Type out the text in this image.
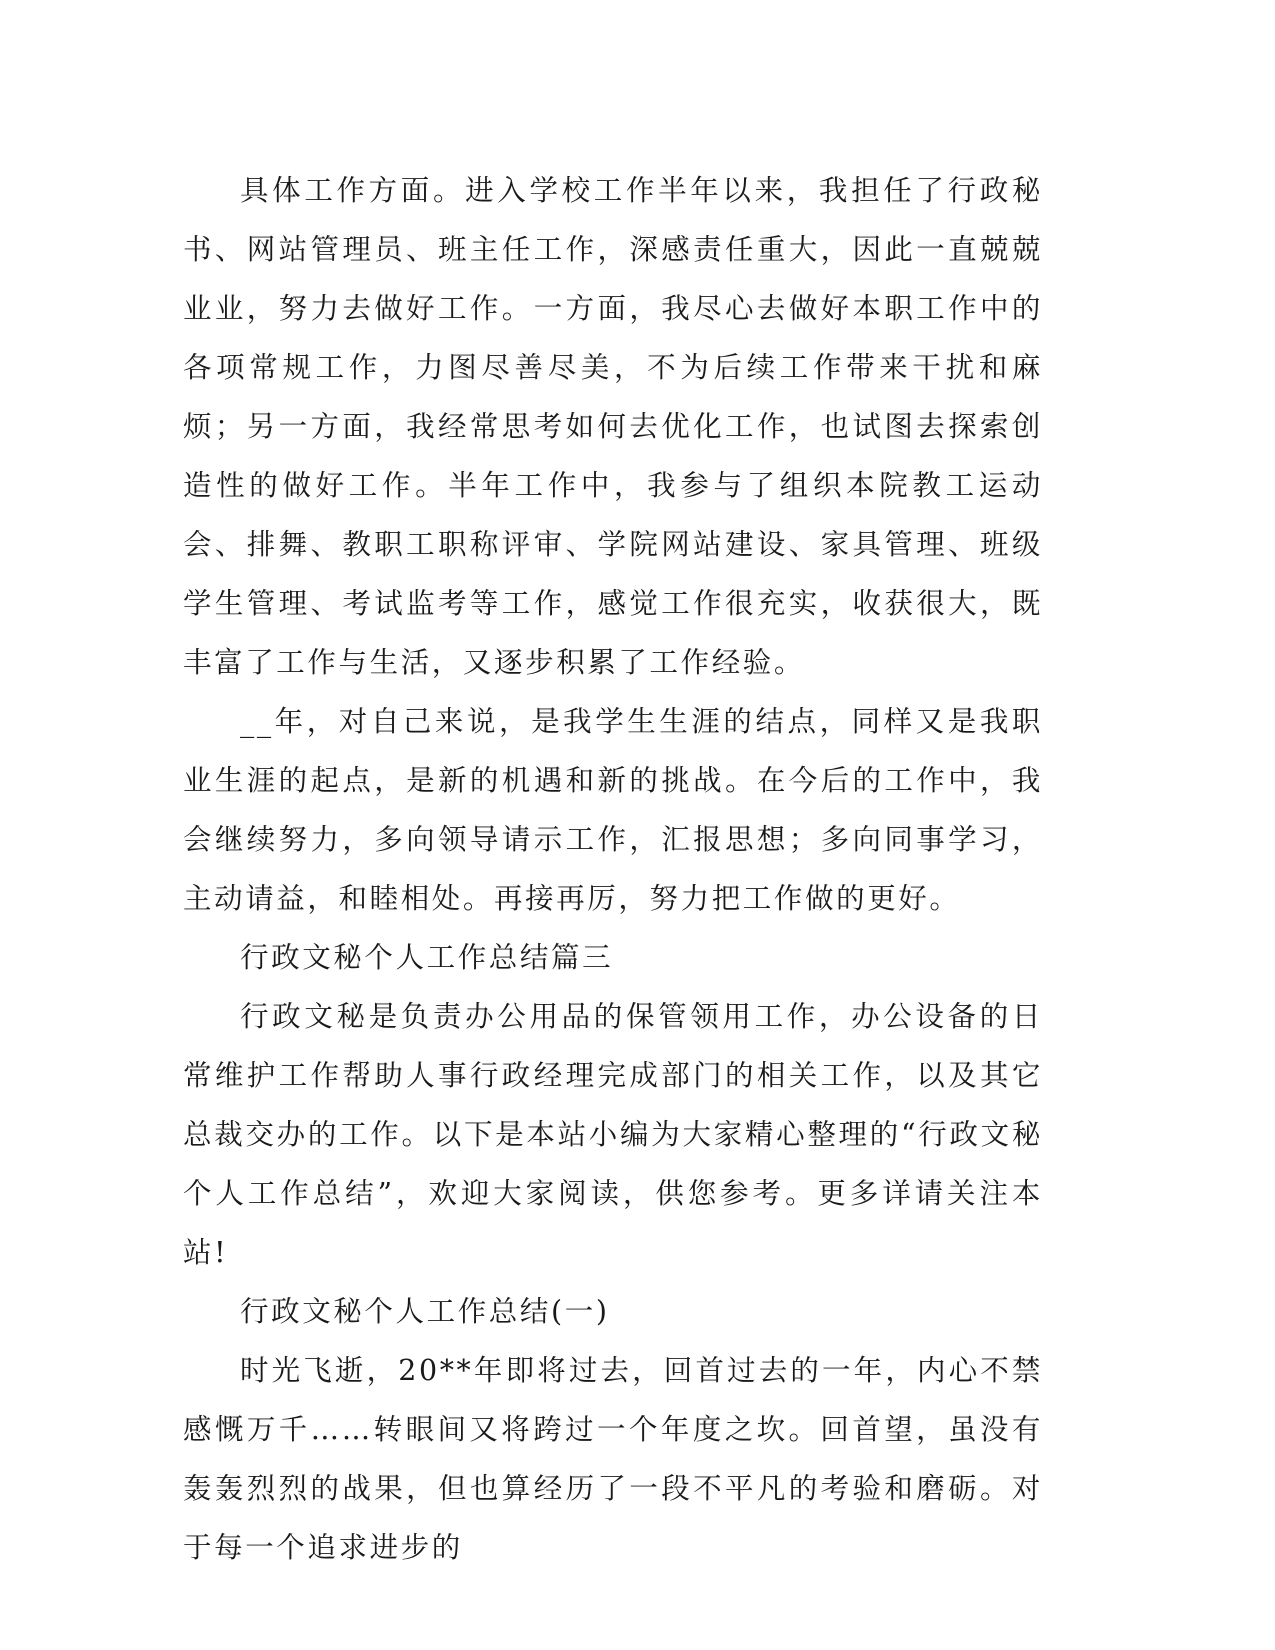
具体工作方面。进入学校工作半年以来，我担任了行政秘书、网站管理员、班主任工作，深感责任重大，因此一直兢兢业业，努力去做好工作。一方面，我尽心去做好本职工作中的各项常规工作，力图尽善尽美，不为后续工作带来干扰和麻烦；另一方面，我经常思考如何去优化工作，也试图去探索创造性的做好工作。半年工作中，我参与了组织本院教工运动会、排舞、教职工职称评审、学院网站建设、家具管理、班级学生管理、考试监考等工作，感觉工作很充实，收获很大，既丰富了工作与生活，又逐步积累了工作经验。

__年，对自己来说，是我学生生涯的结点，同样又是我职业生涯的起点，是新的机遇和新的挑战。在今后的工作中，我会继续努力，多向领导请示工作，汇报思想；多向同事学习，主动请益，和睦相处。再接再厉，努力把工作做的更好。

行政文秘个人工作总结篇三

行政文秘是负责办公用品的保管领用工作，办公设备的日常维护工作帮助人事行政经理完成部门的相关工作，以及其它总裁交办的工作。以下是本站小编为大家精心整理的“行政文秘个人工作总结”，欢迎大家阅读，供您参考。更多详请关注本站!

行政文秘个人工作总结(一)

时光飞逝，20**年即将过去，回首过去的一年，内心不禁感慨万千……转眼间又将跨过一个年度之坎。回首望，虽没有轰轰烈烈的战果，但也算经历了一段不平凡的考验和磨砺。对于每一个追求进步的
